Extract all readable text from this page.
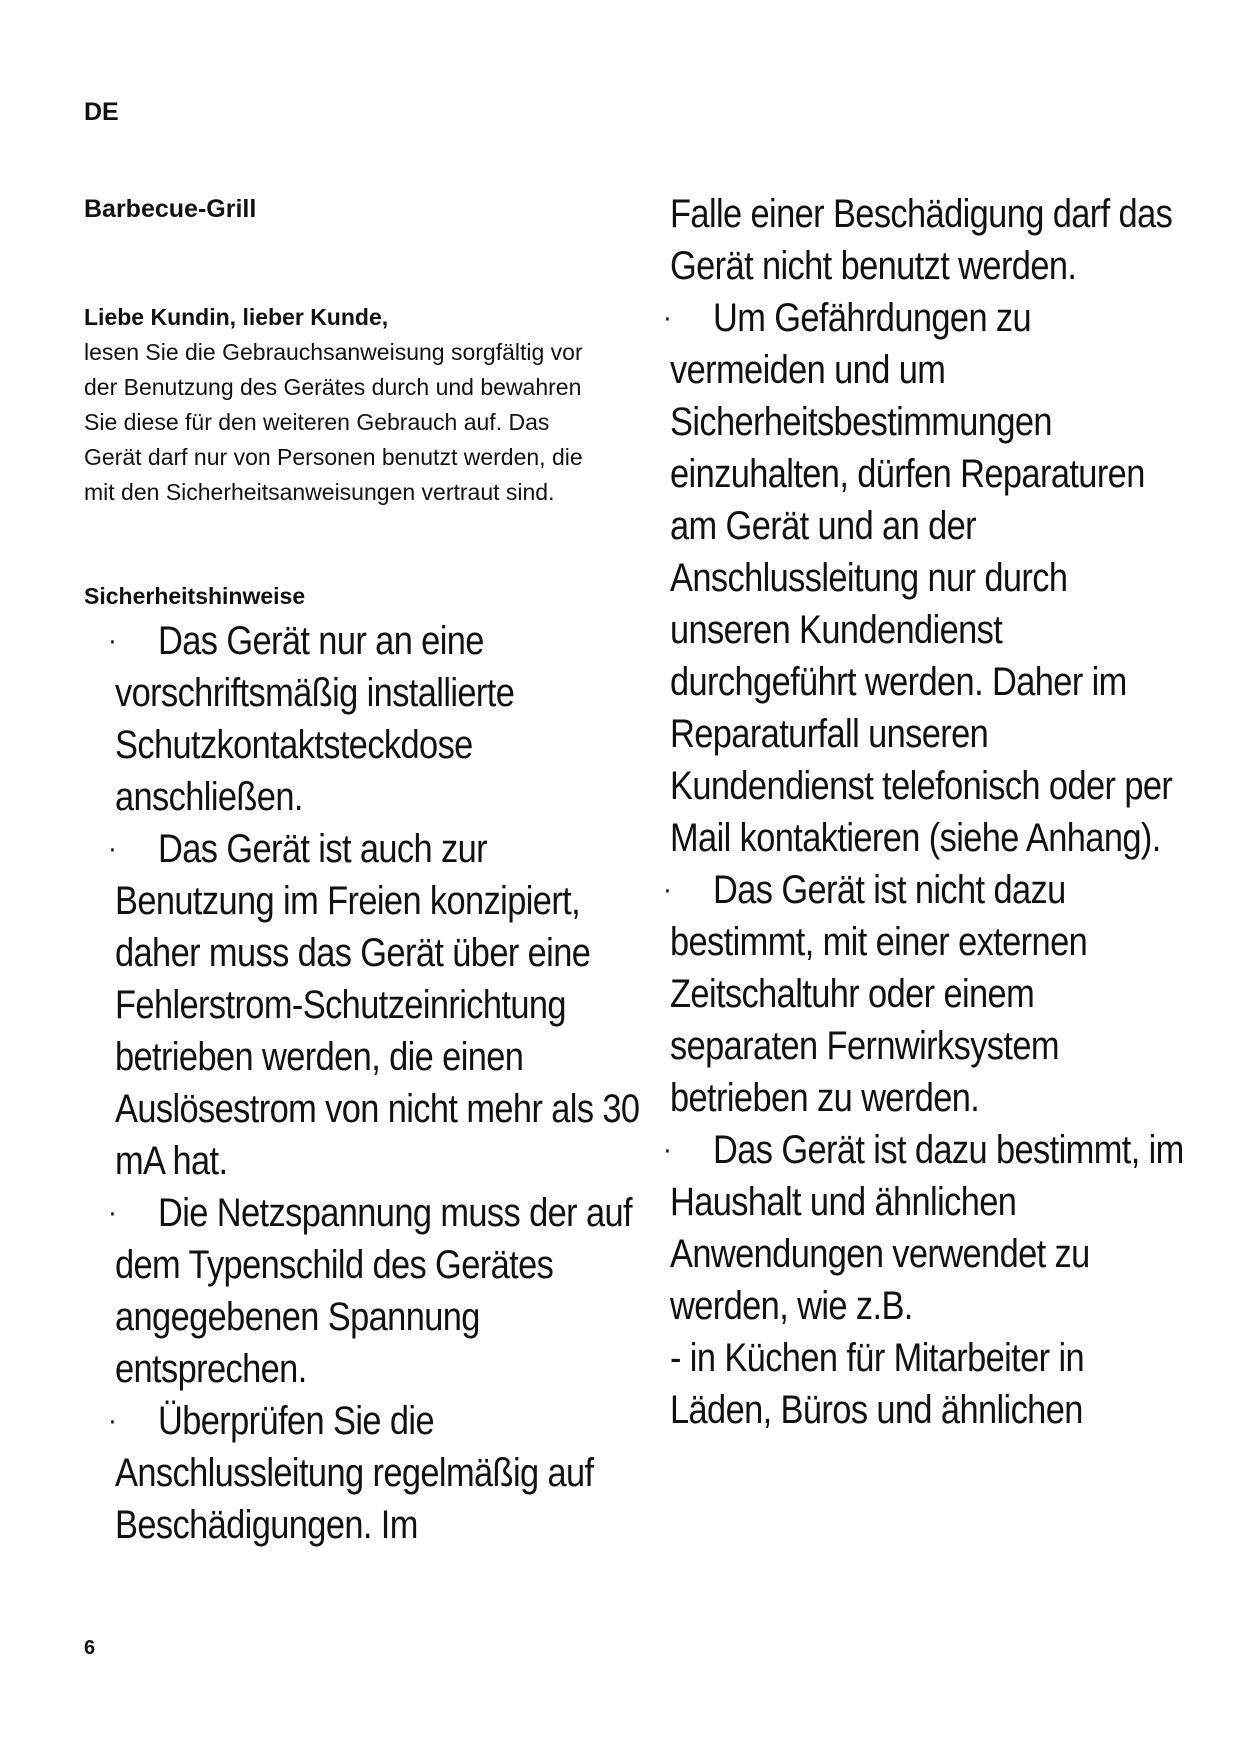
DE
Barbecue-Grill
Liebe Kundin, lieber Kunde,
lesen Sie die Gebrauchsanweisung sorgfältig vor der Benutzung des Gerätes durch und bewahren Sie diese für den weiteren Gebrauch auf. Das Gerät darf nur von Personen benutzt werden, die mit den Sicherheitsanweisungen vertraut sind.
Sicherheitshinweise
· Das Gerät nur an eine vorschriftsmäßig installierte Schutzkontaktsteckdose anschließen.
· Das Gerät ist auch zur Benutzung im Freien konzipiert, daher muss das Gerät über eine Fehlerstrom-Schutzeinrichtung betrieben werden, die einen Auslösestrom von nicht mehr als 30 mA hat.
· Die Netzspannung muss der auf dem Typenschild des Gerätes angegebenen Spannung entsprechen.
· Überprüfen Sie die Anschlussleitung regelmäßig auf Beschädigungen. Im
Falle einer Beschädigung darf das Gerät nicht benutzt werden.
· Um Gefährdungen zu vermeiden und um Sicherheitsbestimmungen einzuhalten, dürfen Reparaturen am Gerät und an der Anschlussleitung nur durch unseren Kundendienst durchgeführt werden. Daher im Reparaturfall unseren Kundendienst telefonisch oder per Mail kontaktieren (siehe Anhang).
· Das Gerät ist nicht dazu bestimmt, mit einer externen Zeitschaltuhr oder einem separaten Fernwirksystem betrieben zu werden.
· Das Gerät ist dazu bestimmt, im Haushalt und ähnlichen Anwendungen verwendet zu werden, wie z.B.
- in Küchen für Mitarbeiter in Läden, Büros und ähnlichen
6
